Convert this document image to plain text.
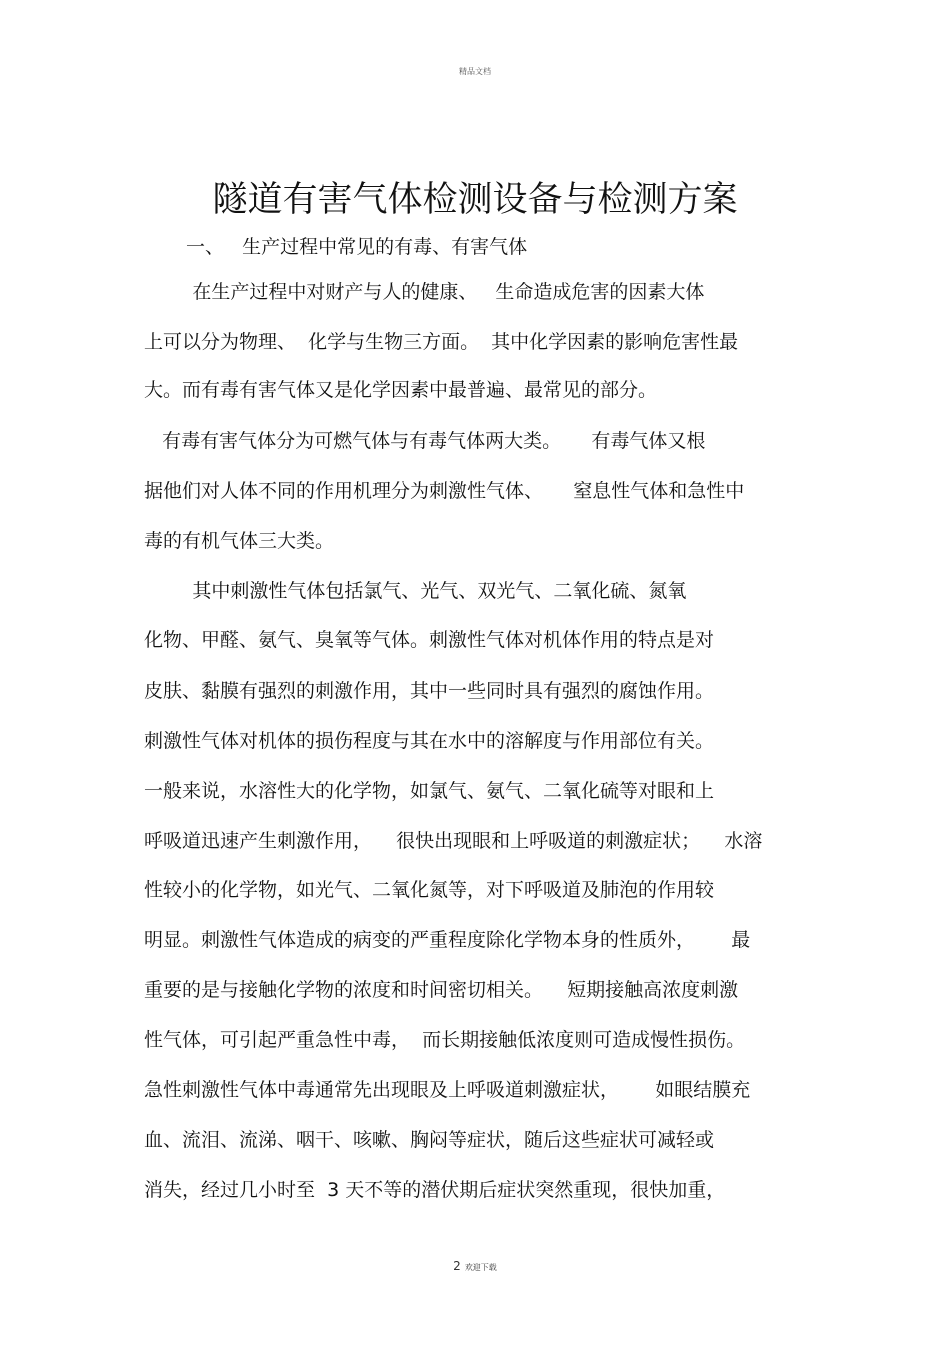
精品文档
隧道有害气体检测设备与检测方案
一、   生产过程中常见的有毒、有害气体
在生产过程中对财产与人的健康、   生命造成危害的因素大体
上可以分为物理、  化学与生物三方面。  其中化学因素的影响危害性最
大。而有毒有害气体又是化学因素中最普遍、最常见的部分。
有毒有害气体分为可燃气体与有毒气体两大类。     有毒气体又根
据他们对人体不同的作用机理分为刺激性气体、     窒息性气体和急性中
毒的有机气体三大类。
其中刺激性气体包括氯气、光气、双光气、二氧化硫、氮氧
化物、甲醛、氨气、臭氧等气体。刺激性气体对机体作用的特点是对
皮肤、黏膜有强烈的刺激作用，其中一些同时具有强烈的腐蚀作用。
刺激性气体对机体的损伤程度与其在水中的溶解度与作用部位有关。
一般来说，水溶性大的化学物，如氯气、氨气、二氧化硫等对眼和上
呼吸道迅速产生刺激作用，    很快出现眼和上呼吸道的刺激症状；    水溶
性较小的化学物，如光气、二氧化氮等，对下呼吸道及肺泡的作用较
明显。刺激性气体造成的病变的严重程度除化学物本身的性质外，      最
重要的是与接触化学物的浓度和时间密切相关。    短期接触高浓度刺激
性气体，可引起严重急性中毒，  而长期接触低浓度则可造成慢性损伤。
急性刺激性气体中毒通常先出现眼及上呼吸道刺激症状，      如眼结膜充
血、流泪、流涕、咽干、咳嗽、胸闷等症状，随后这些症状可减轻或
消失，经过几小时至  3 天不等的潜伏期后症状突然重现，很快加重，
2 欢迎下载
